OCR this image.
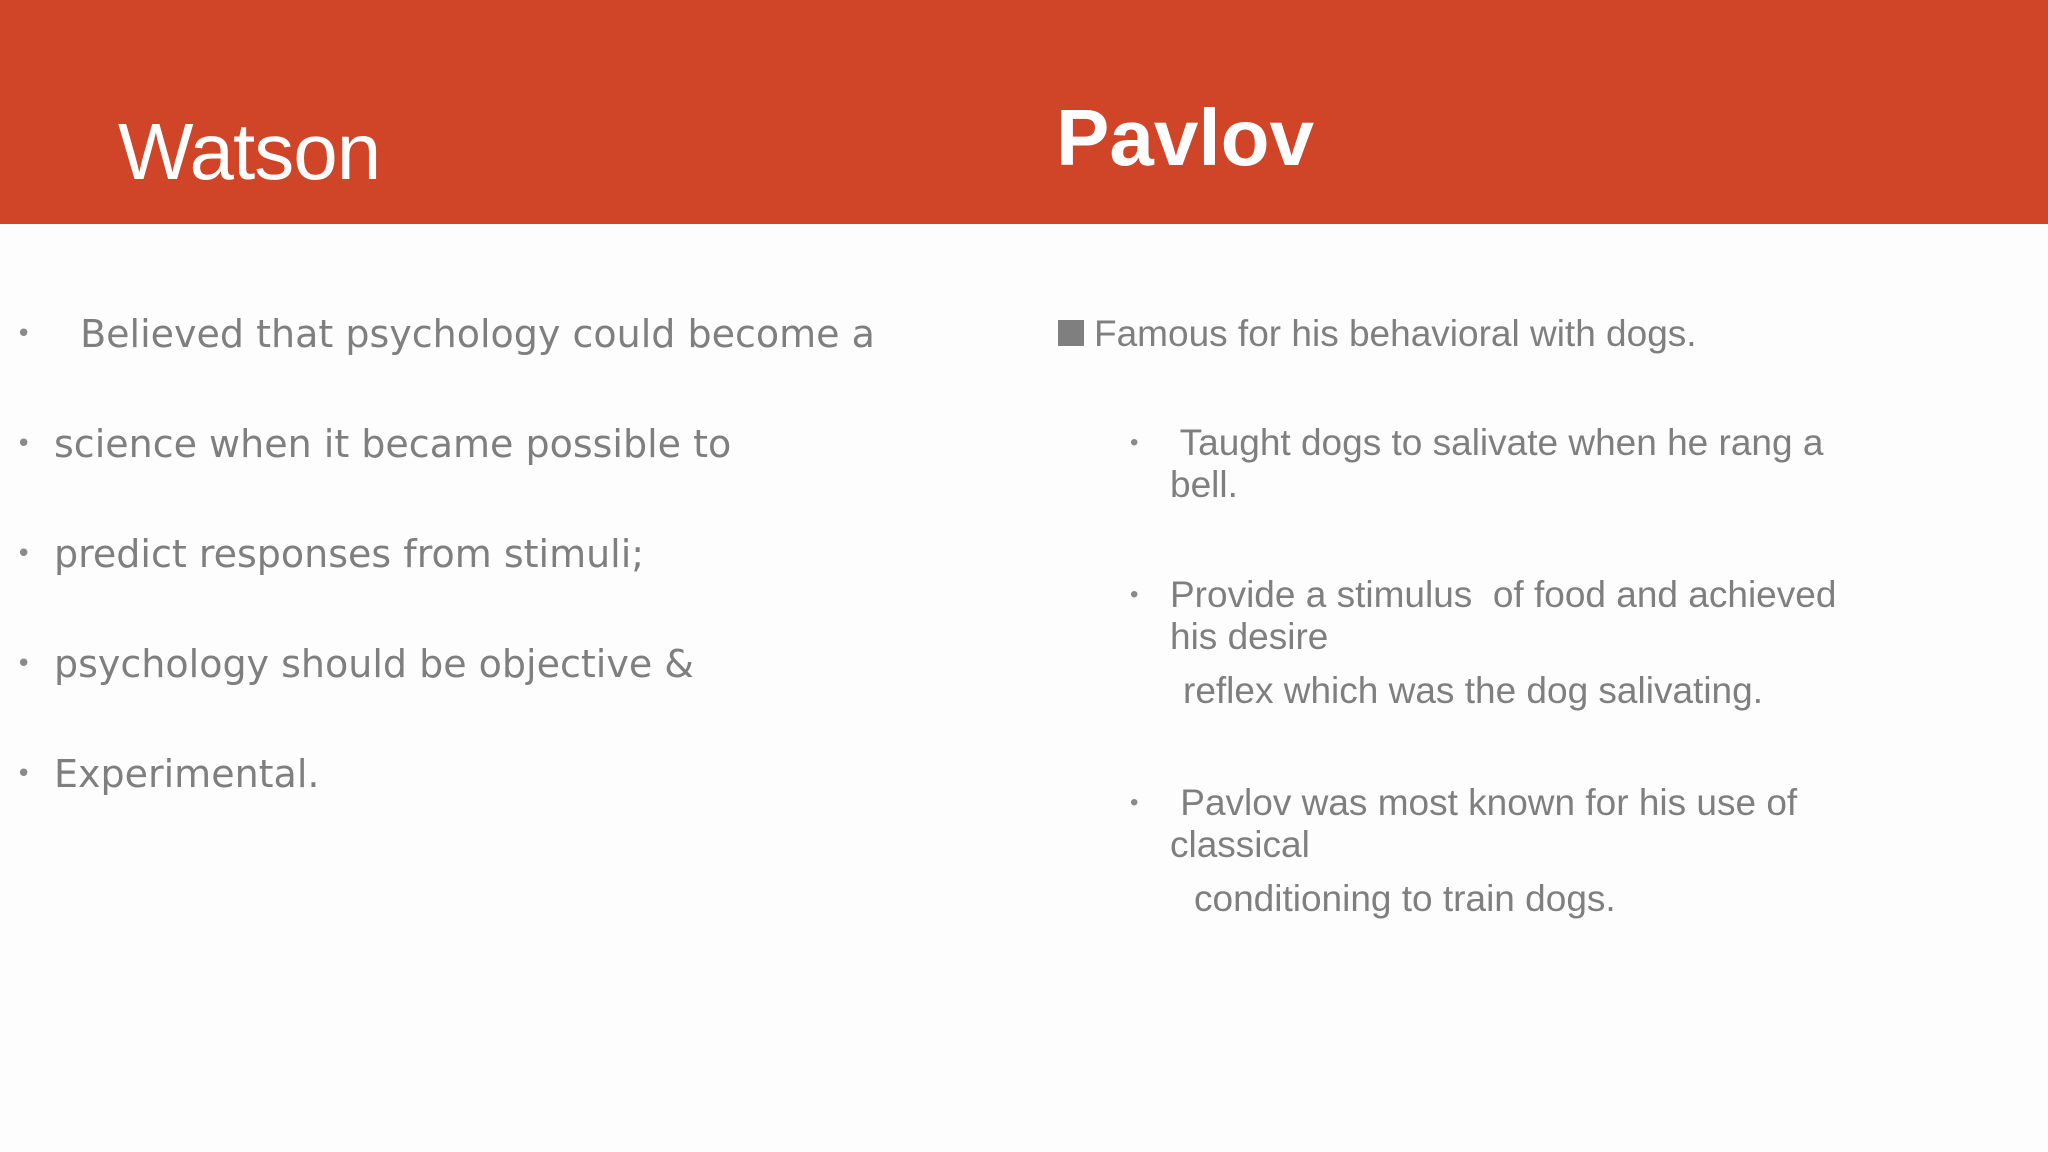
Watson	Pavlov
• Believed that psychology could become a
• science when it became possible to
• predict responses from stimuli;
• psychology should be objective &
• Experimental.
Famous for his behavioral with dogs.
• Taught dogs to salivate when he rang a
bell.
• Provide a stimulus  of food and achieved
his desire
reflex which was the dog salivating.
• Pavlov was most known for his use of
classical
conditioning to train dogs.
